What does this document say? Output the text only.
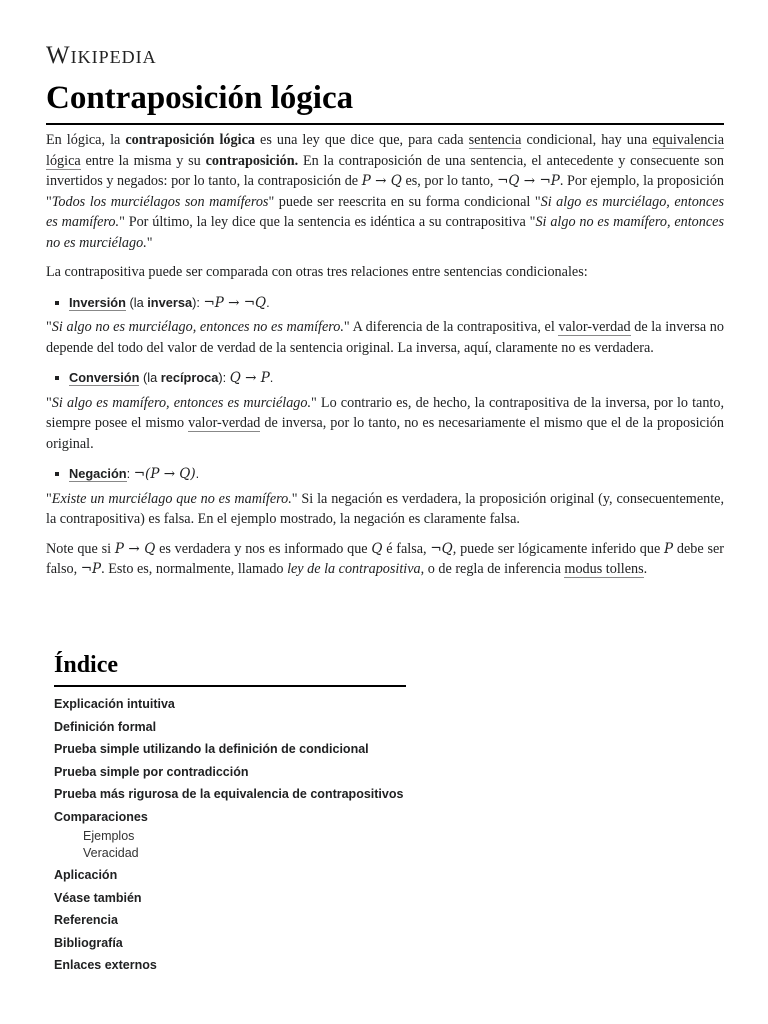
Wikipedia
Contraposición lógica

En lógica, la contraposición lógica es una ley que dice que, para cada sentencia condicional, hay una equivalencia lógica entre la misma y su contraposición. En la contraposición de una sentencia, el antecedente y consecuente son invertidos y negados: por lo tanto, la contraposición de P → Q es, por lo tanto, ¬Q → ¬P. Por ejemplo, la proposición "Todos los murciélagos son mamíferos" puede ser reescrita en su forma condicional "Si algo es murciélago, entonces es mamífero." Por último, la ley dice que la sentencia es idéntica a su contrapositiva "Si algo no es mamífero, entonces no es murciélago."

La contrapositiva puede ser comparada con otras tres relaciones entre sentencias condicionales:

Inversión (la inversa): ¬P → ¬Q.

"Si algo no es murciélago, entonces no es mamífero." A diferencia de la contrapositiva, el valor-verdad de la inversa no depende del todo del valor de verdad de la sentencia original. La inversa, aquí, claramente no es verdadera.

Conversión (la recíproca): Q → P.

"Si algo es mamífero, entonces es murciélago." Lo contrario es, de hecho, la contrapositiva de la inversa, por lo tanto, siempre posee el mismo valor-verdad de inversa, por lo tanto, no es necesariamente el mismo que el de la proposición original.

Negación: ¬(P → Q).

"Existe un murciélago que no es mamífero." Si la negación es verdadera, la proposición original (y, consecuentemente, la contrapositiva) es falsa. En el ejemplo mostrado, la negación es claramente falsa.

Note que si P → Q es verdadera y nos es informado que Q é falsa, ¬Q, puede ser lógicamente inferido que P debe ser falso, ¬P. Esto es, normalmente, llamado ley de la contrapositiva, o de regla de inferencia modus tollens.

Índice
Explicación intuitiva
Definición formal
Prueba simple utilizando la definición de condicional
Prueba simple por contradicción
Prueba más rigurosa de la equivalencia de contrapositivos
Comparaciones
Ejemplos
Veracidad
Aplicación
Véase también
Referencia
Bibliografía
Enlaces externos
